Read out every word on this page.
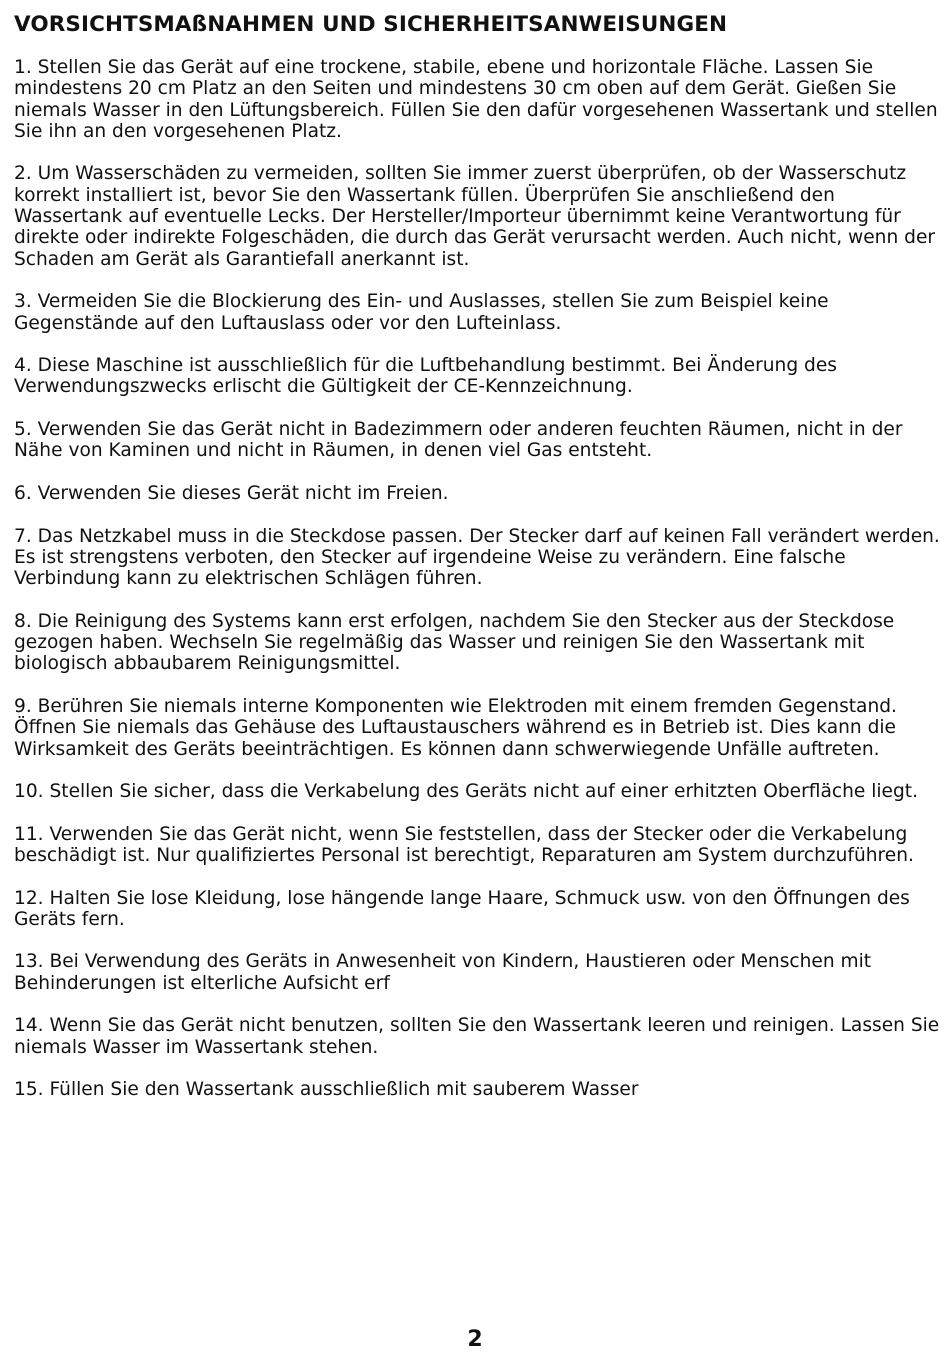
VORSICHTSMAßNAHMEN UND SICHERHEITSANWEISUNGEN

1. Stellen Sie das Gerät auf eine trockene, stabile, ebene und horizontale Fläche. Lassen Sie mindestens 20 cm Platz an den Seiten und mindestens 30 cm oben auf dem Gerät. Gießen Sie niemals Wasser in den Lüftungsbereich. Füllen Sie den dafür vorgesehenen Wassertank und stellen Sie ihn an den vorgesehenen Platz.

2. Um Wasserschäden zu vermeiden, sollten Sie immer zuerst überprüfen, ob der Wasserschutz korrekt installiert ist, bevor Sie den Wassertank füllen. Überprüfen Sie anschließend den Wassertank auf eventuelle Lecks. Der Hersteller/Importeur übernimmt keine Verantwortung für direkte oder indirekte Folgeschäden, die durch das Gerät verursacht werden. Auch nicht, wenn der Schaden am Gerät als Garantiefall anerkannt ist.

3. Vermeiden Sie die Blockierung des Ein- und Auslasses, stellen Sie zum Beispiel keine Gegenstände auf den Luftauslass oder vor den Lufteinlass.

4. Diese Maschine ist ausschließlich für die Luftbehandlung bestimmt. Bei Änderung des Verwendungszwecks erlischt die Gültigkeit der CE-Kennzeichnung.

5. Verwenden Sie das Gerät nicht in Badezimmern oder anderen feuchten Räumen, nicht in der Nähe von Kaminen und nicht in Räumen, in denen viel Gas entsteht.

6. Verwenden Sie dieses Gerät nicht im Freien.

7. Das Netzkabel muss in die Steckdose passen. Der Stecker darf auf keinen Fall verändert werden. Es ist strengstens verboten, den Stecker auf irgendeine Weise zu verändern. Eine falsche Verbindung kann zu elektrischen Schlägen führen.

8. Die Reinigung des Systems kann erst erfolgen, nachdem Sie den Stecker aus der Steckdose gezogen haben. Wechseln Sie regelmäßig das Wasser und reinigen Sie den Wassertank mit biologisch abbaubarem Reinigungsmittel.

9. Berühren Sie niemals interne Komponenten wie Elektroden mit einem fremden Gegenstand. Öffnen Sie niemals das Gehäuse des Luftaustauschers während es in Betrieb ist. Dies kann die Wirksamkeit des Geräts beeinträchtigen. Es können dann schwerwiegende Unfälle auftreten.

10. Stellen Sie sicher, dass die Verkabelung des Geräts nicht auf einer erhitzten Oberfläche liegt.

11. Verwenden Sie das Gerät nicht, wenn Sie feststellen, dass der Stecker oder die Verkabelung beschädigt ist. Nur qualifiziertes Personal ist berechtigt, Reparaturen am System durchzuführen.

12. Halten Sie lose Kleidung, lose hängende lange Haare, Schmuck usw. von den Öffnungen des Geräts fern.

13. Bei Verwendung des Geräts in Anwesenheit von Kindern, Haustieren oder Menschen mit Behinderungen ist elterliche Aufsicht erf

14. Wenn Sie das Gerät nicht benutzen, sollten Sie den Wassertank leeren und reinigen. Lassen Sie niemals Wasser im Wassertank stehen.

15. Füllen Sie den Wassertank ausschließlich mit sauberem Wasser

2
